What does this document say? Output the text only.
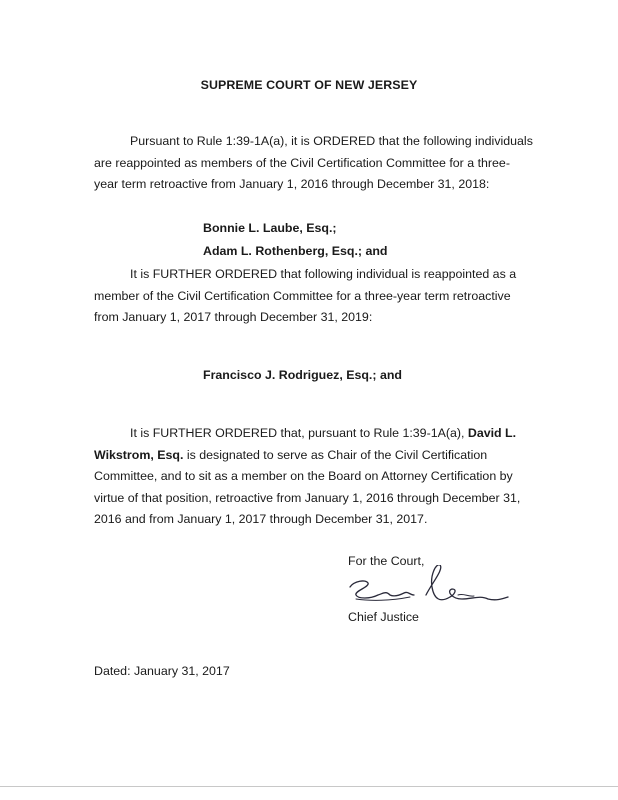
SUPREME COURT OF NEW JERSEY

Pursuant to Rule 1:39-1A(a), it is ORDERED that the following individuals are reappointed as members of the Civil Certification Committee for a three-year term retroactive from January 1, 2016 through December 31, 2018:

Bonnie L. Laube, Esq.;
Adam L. Rothenberg, Esq.; and

It is FURTHER ORDERED that following individual is reappointed as a member of the Civil Certification Committee for a three-year term retroactive from January 1, 2017 through December 31, 2019:

Francisco J. Rodriguez, Esq.; and

It is FURTHER ORDERED that, pursuant to Rule 1:39-1A(a), David L. Wikstrom, Esq. is designated to serve as Chair of the Civil Certification Committee, and to sit as a member on the Board on Attorney Certification by virtue of that position, retroactive from January 1, 2016 through December 31, 2016 and from January 1, 2017 through December 31, 2017.

For the Court,
Chief Justice
Dated: January 31, 2017
